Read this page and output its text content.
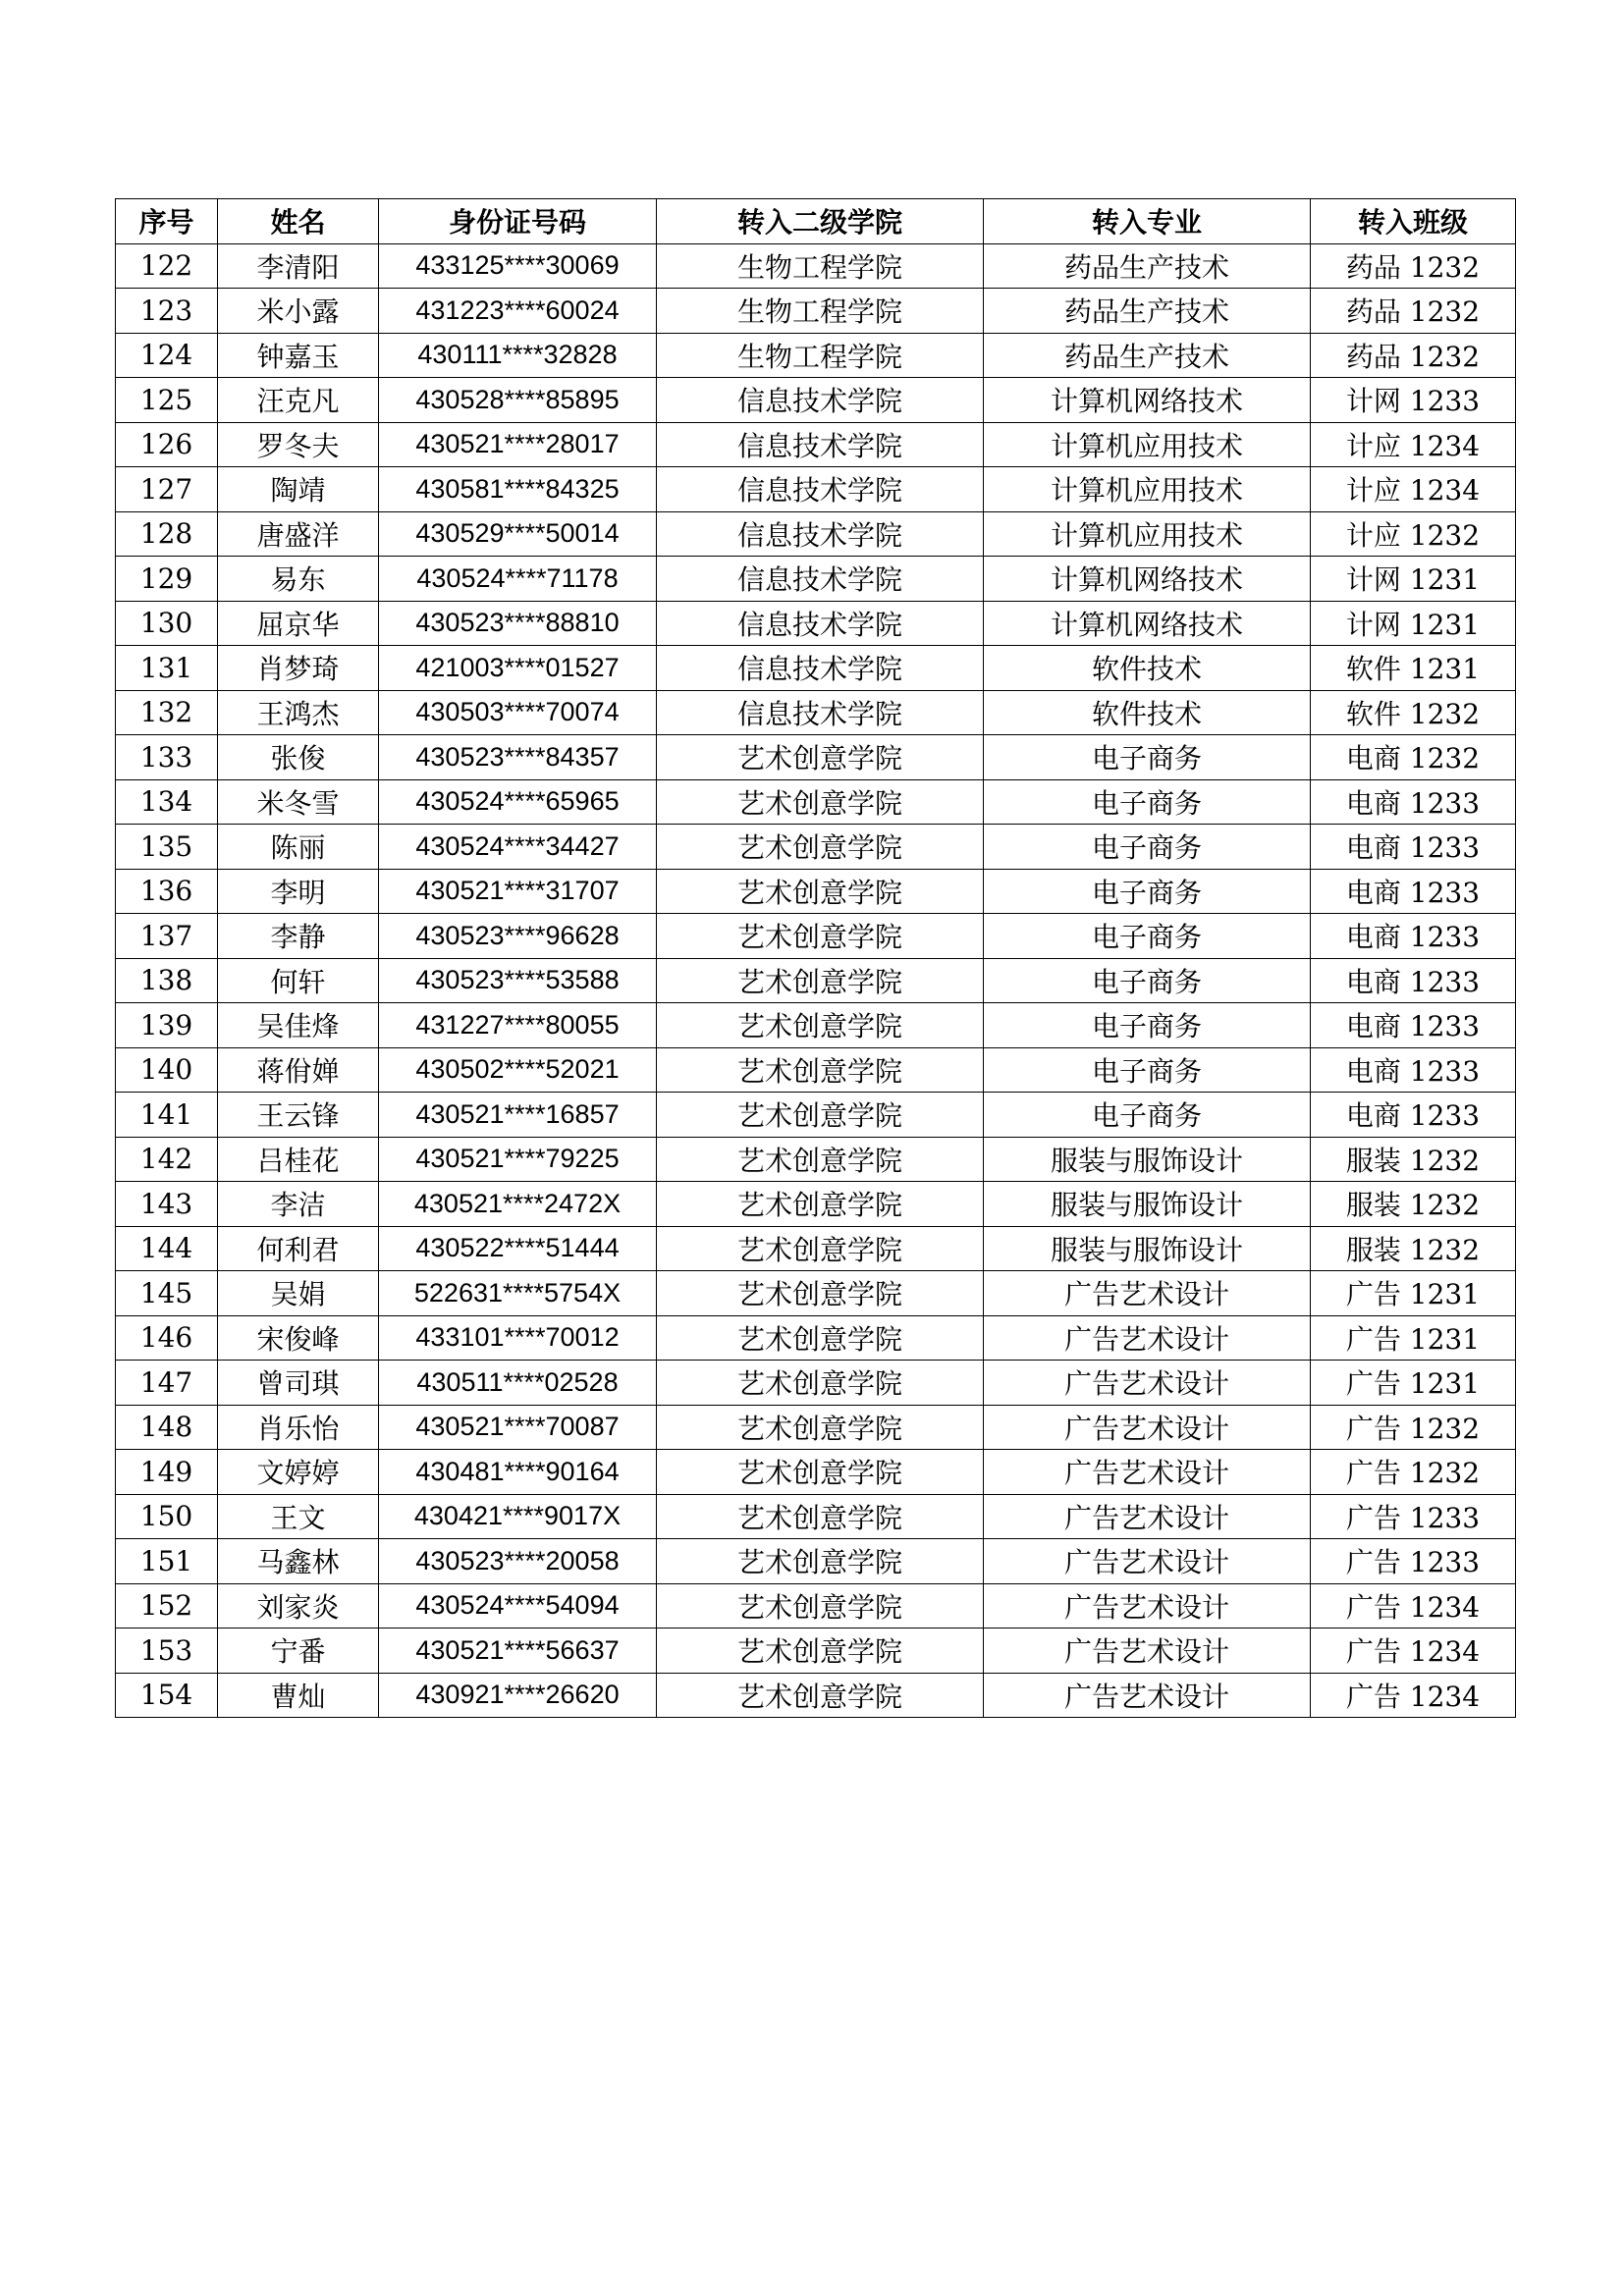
序号	姓名	身份证号码	转入二级学院	转入专业	转入班级
122	李清阳	433125****30069	生物工程学院	药品生产技术	药品 1232
123	米小露	431223****60024	生物工程学院	药品生产技术	药品 1232
124	钟嘉玉	430111****32828	生物工程学院	药品生产技术	药品 1232
125	汪克凡	430528****85895	信息技术学院	计算机网络技术	计网 1233
126	罗冬夫	430521****28017	信息技术学院	计算机应用技术	计应 1234
127	陶靖	430581****84325	信息技术学院	计算机应用技术	计应 1234
128	唐盛洋	430529****50014	信息技术学院	计算机应用技术	计应 1232
129	易东	430524****71178	信息技术学院	计算机网络技术	计网 1231
130	屈京华	430523****88810	信息技术学院	计算机网络技术	计网 1231
131	肖梦琦	421003****01527	信息技术学院	软件技术	软件 1231
132	王鸿杰	430503****70074	信息技术学院	软件技术	软件 1232
133	张俊	430523****84357	艺术创意学院	电子商务	电商 1232
134	米冬雪	430524****65965	艺术创意学院	电子商务	电商 1233
135	陈丽	430524****34427	艺术创意学院	电子商务	电商 1233
136	李明	430521****31707	艺术创意学院	电子商务	电商 1233
137	李静	430523****96628	艺术创意学院	电子商务	电商 1233
138	何轩	430523****53588	艺术创意学院	电子商务	电商 1233
139	吴佳烽	431227****80055	艺术创意学院	电子商务	电商 1233
140	蒋佾婵	430502****52021	艺术创意学院	电子商务	电商 1233
141	王云锋	430521****16857	艺术创意学院	电子商务	电商 1233
142	吕桂花	430521****79225	艺术创意学院	服装与服饰设计	服装 1232
143	李洁	430521****2472X	艺术创意学院	服装与服饰设计	服装 1232
144	何利君	430522****51444	艺术创意学院	服装与服饰设计	服装 1232
145	吴娟	522631****5754X	艺术创意学院	广告艺术设计	广告 1231
146	宋俊峰	433101****70012	艺术创意学院	广告艺术设计	广告 1231
147	曾司琪	430511****02528	艺术创意学院	广告艺术设计	广告 1231
148	肖乐怡	430521****70087	艺术创意学院	广告艺术设计	广告 1232
149	文婷婷	430481****90164	艺术创意学院	广告艺术设计	广告 1232
150	王文	430421****9017X	艺术创意学院	广告艺术设计	广告 1233
151	马鑫林	430523****20058	艺术创意学院	广告艺术设计	广告 1233
152	刘家炎	430524****54094	艺术创意学院	广告艺术设计	广告 1234
153	宁番	430521****56637	艺术创意学院	广告艺术设计	广告 1234
154	曹灿	430921****26620	艺术创意学院	广告艺术设计	广告 1234
